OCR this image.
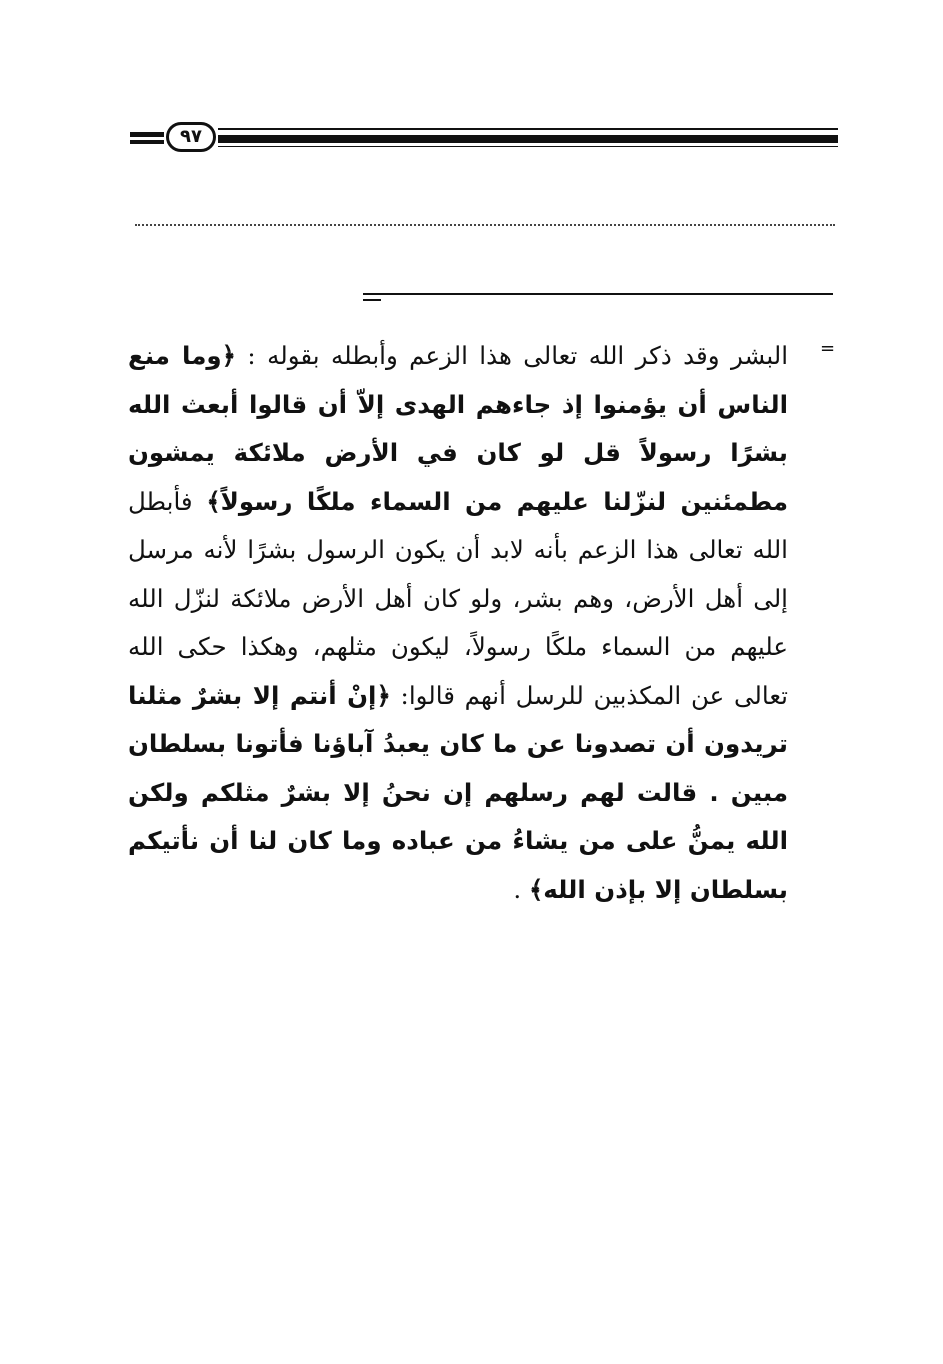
٩٧
=

البشر وقد ذكر الله تعالى هذا الزعم وأبطله بقوله : ﴿وما منع الناس أن يؤمنوا إذ جاءهم الهدى إلاّ أن قالوا أبعث الله بشرًا رسولاً قل لو كان في الأرض ملائكة يمشون مطمئنين لنزّلنا عليهم من السماء ملكًا رسولاً﴾ فأبطل الله تعالى هذا الزعم بأنه لابد أن يكون الرسول بشرًا لأنه مرسل إلى أهل الأرض، وهم بشر، ولو كان أهل الأرض ملائكة لنزّل الله عليهم من السماء ملكًا رسولاً، ليكون مثلهم، وهكذا حكى الله تعالى عن المكذبين للرسل أنهم قالوا: ﴿إنْ أنتم إلا بشرٌ مثلنا تريدون أن تصدونا عن ما كان يعبدُ آباؤنا فأتونا بسلطان مبين . قالت لهم رسلهم إن نحنُ إلا بشرٌ مثلكم ولكن الله يمنُّ على من يشاءُ من عباده وما كان لنا أن نأتيكم بسلطان إلا بإذن الله﴾ .
